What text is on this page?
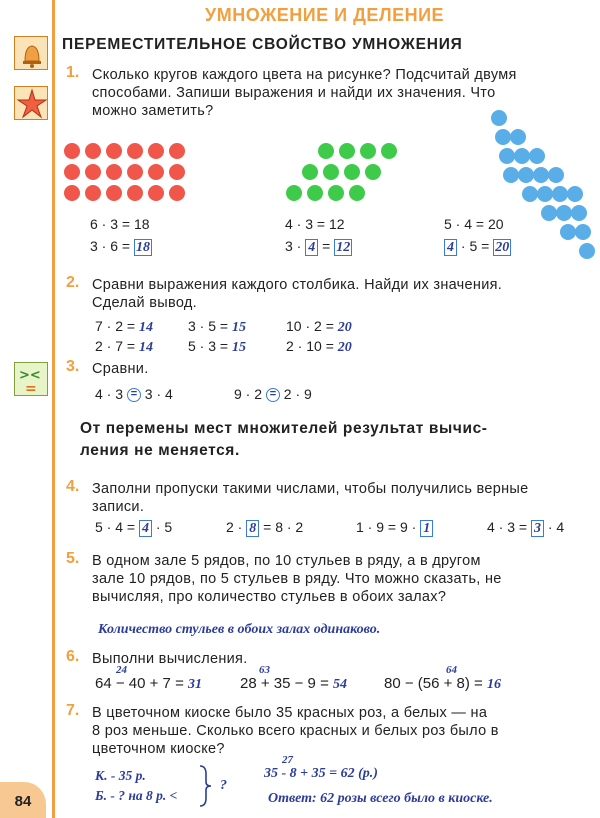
><
=
УМНОЖЕНИЕ И ДЕЛЕНИЕ
ПЕРЕМЕСТИТЕЛЬНОЕ СВОЙСТВО УМНОЖЕНИЯ
1. Сколько кругов каждого цвета на рисунке? Подсчитай двумя
способами. Запиши выражения и найди их значения. Что
можно заметить?
6 · 3 = 18
3 · 6 = 18
4 · 3 = 12
3 · 4 = 12
5 · 4 = 20
4 · 5 = 20
2. Сравни выражения каждого столбика. Найди их значения.
Сделай вывод.
7 · 2 = 14	3 · 5 = 15	10 · 2 = 20
2 · 7 = 14	5 · 3 = 15	2 · 10 = 20
3. Сравни.
4 · 3 = 3 · 4	9 · 2 = 2 · 9
От перемены мест множителей результат вычис-
ления не меняется.
4. Заполни пропуски такими числами, чтобы получились верные
записи.
5 · 4 = 4 · 5	2 · 8 = 8 · 2	1 · 9 = 9 · 1	4 · 3 = 3 · 4
5. В одном зале 5 рядов, по 10 стульев в ряду, а в другом
зале 10 рядов, по 5 стульев в ряду. Что можно сказать, не
вычисляя, про количество стульев в обоих залах?
Количество стульев в обоих залах одинаково.
6. Выполни вычисления.
24
64 − 40 + 7 = 31
63
28 + 35 − 9 = 54
64
80 − (56 + 8) = 16
7. В цветочном киоске было 35 красных роз, а белых — на
8 роз меньше. Сколько всего красных и белых роз было в
цветочном киоске?
К. - 35 р.
Б. - ? на 8 р. <
?
27
35 - 8 + 35 = 62 (р.)
Ответ: 62 розы всего было в киоске.
84
